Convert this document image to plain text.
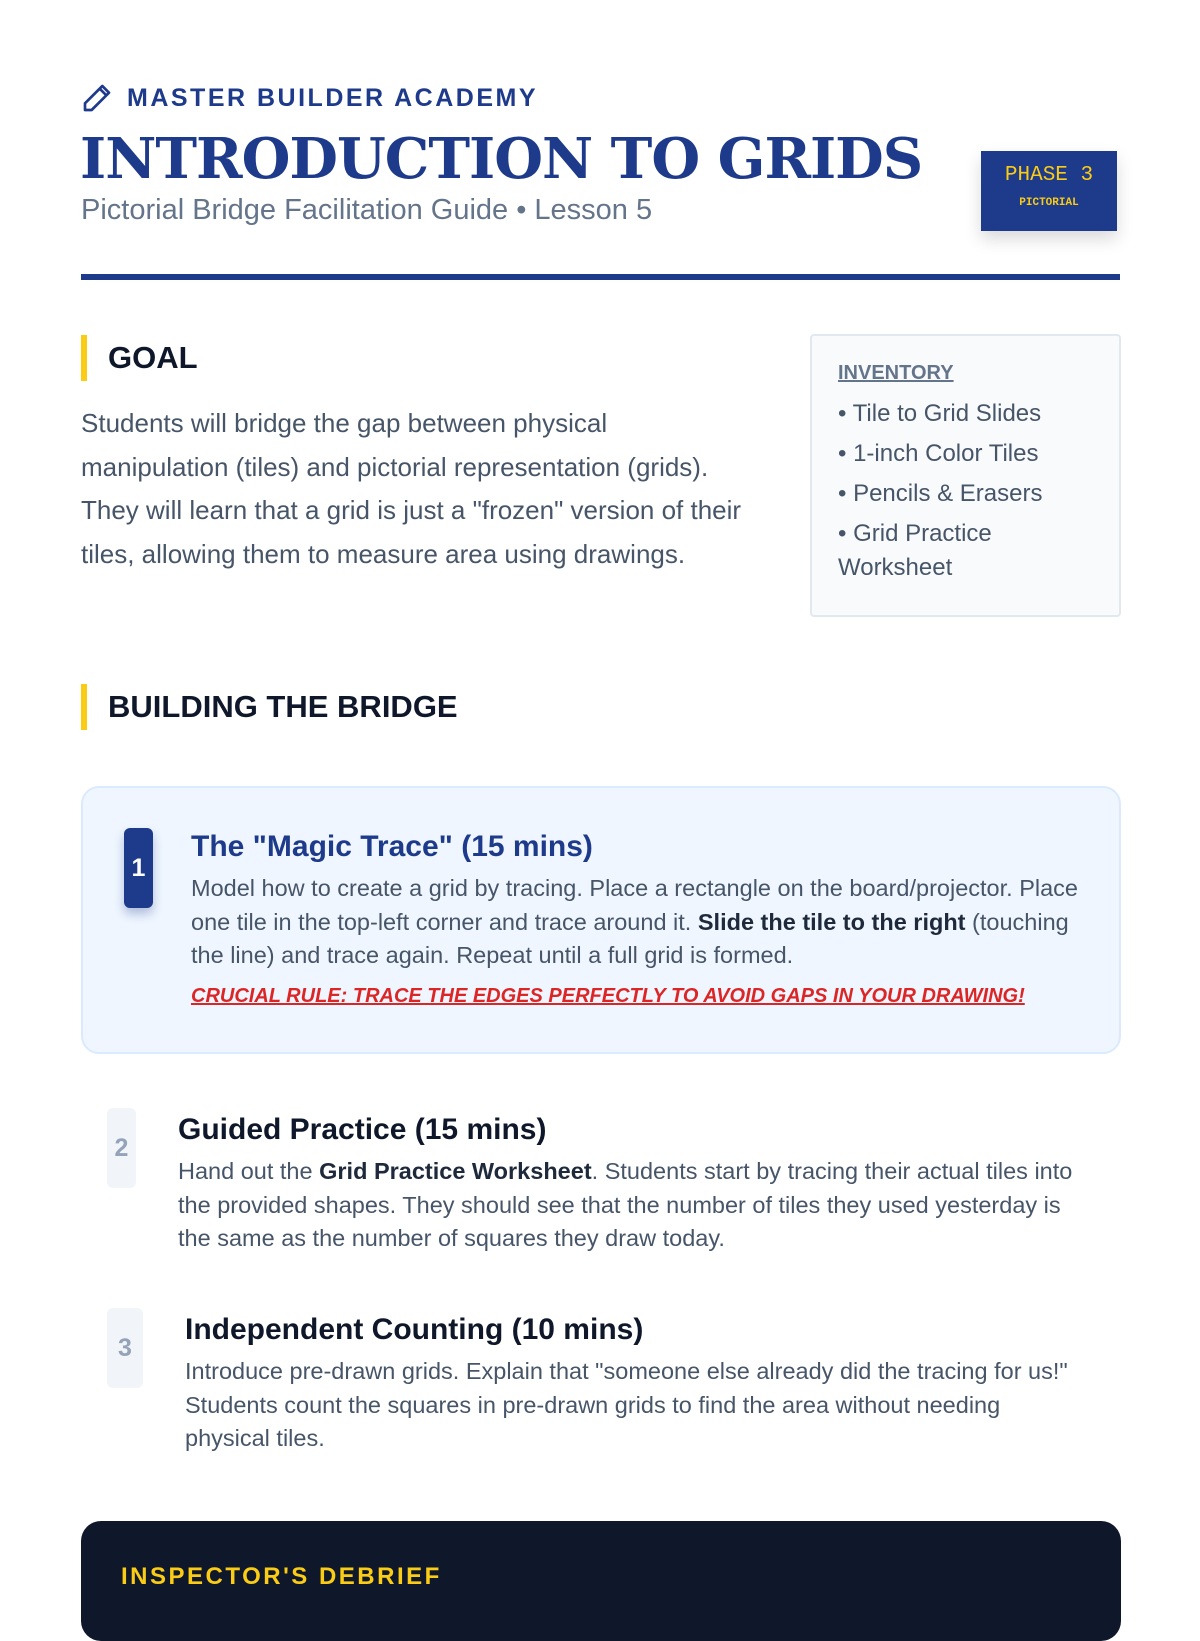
MASTER BUILDER ACADEMY
INTRODUCTION TO GRIDS
Pictorial Bridge Facilitation Guide • Lesson 5
PHASE 3
PICTORIAL
GOAL
Students will bridge the gap between physical manipulation (tiles) and pictorial representation (grids). They will learn that a grid is just a "frozen" version of their tiles, allowing them to measure area using drawings.
INVENTORY
• Tile to Grid Slides
• 1-inch Color Tiles
• Pencils & Erasers
• Grid Practice Worksheet
BUILDING THE BRIDGE
1
The "Magic Trace" (15 mins)

Model how to create a grid by tracing. Place a rectangle on the board/projector. Place one tile in the top-left corner and trace around it. Slide the tile to the right (touching the line) and trace again. Repeat until a full grid is formed.

CRUCIAL RULE: TRACE THE EDGES PERFECTLY TO AVOID GAPS IN YOUR DRAWING!
2
Guided Practice (15 mins)

Hand out the Grid Practice Worksheet. Students start by tracing their actual tiles into the provided shapes. They should see that the number of tiles they used yesterday is the same as the number of squares they draw today.

3
Independent Counting (10 mins)

Introduce pre-drawn grids. Explain that "someone else already did the tracing for us!" Students count the squares in pre-drawn grids to find the area without needing physical tiles.

INSPECTOR'S DEBRIEF
